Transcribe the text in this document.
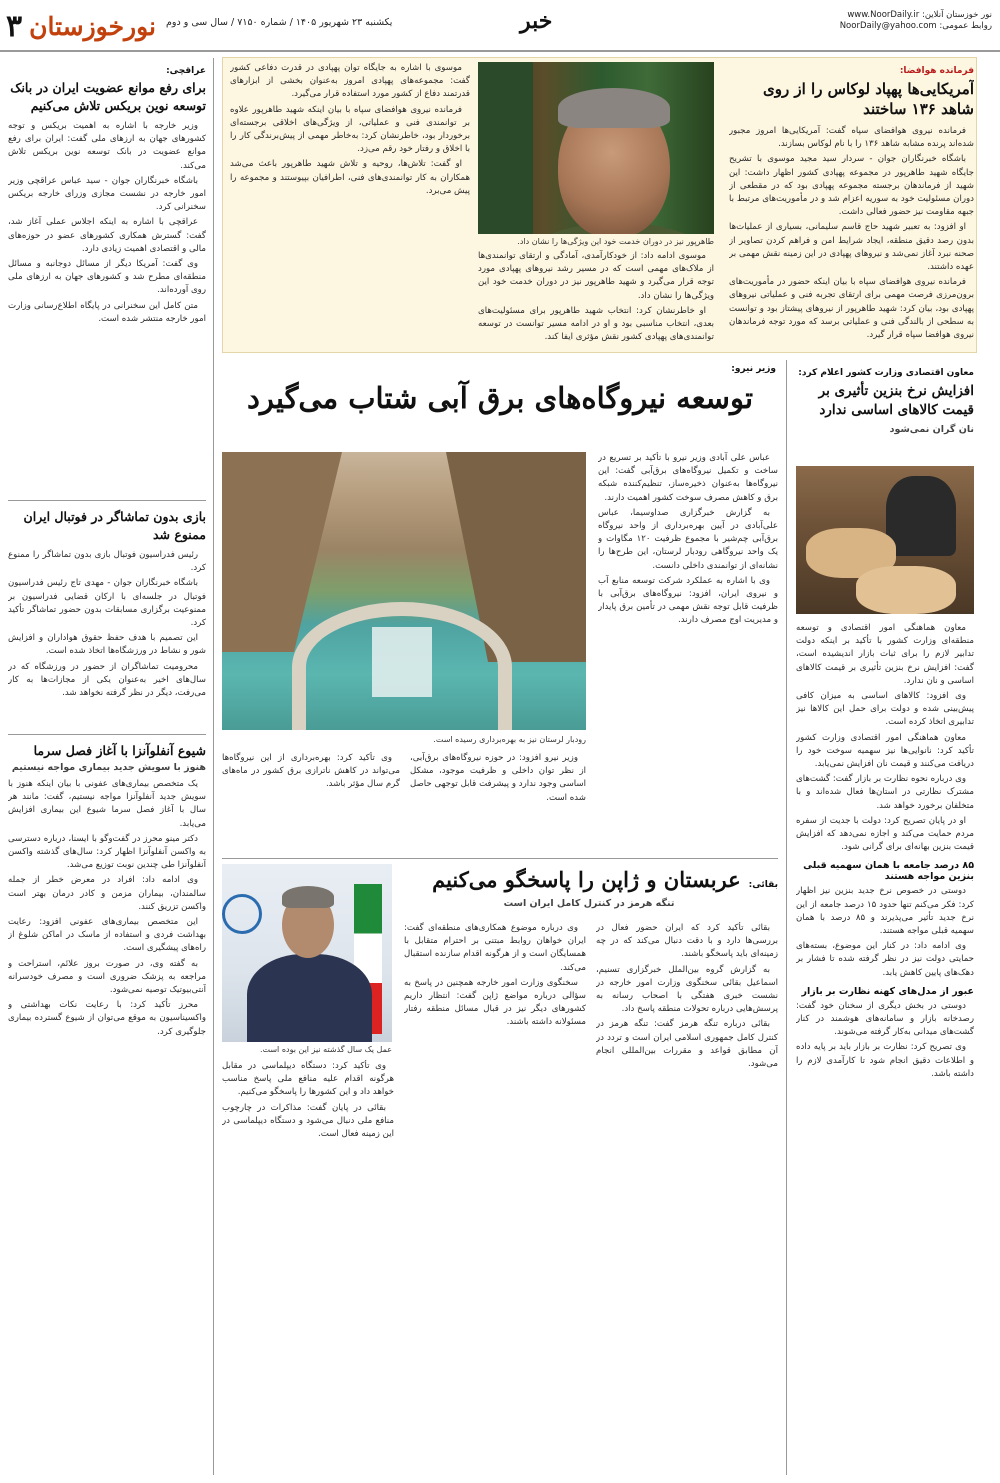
۳ نورخوزستان یکشنبه ۲۳ شهریور ۱۴۰۵ / شماره ۷۱۵۰ / سال سی و دوم	خبر	نور خوزستان آنلاین: www.NoorDaily.ir
روابط عمومی: NoorDaily@yahoo.com
فرمانده هوافضا:
آمریکایی‌ها پهپاد لوکاس را از روی شاهد ۱۳۶ ساختند

فرمانده نیروی هوافضای سپاه گفت: آمریکایی‌ها امروز مجبور شده‌اند پرنده مشابه شاهد ۱۳۶ را با نام لوکاس بسازند.

باشگاه خبرنگاران جوان - سردار سید مجید موسوی با تشریح جایگاه شهید طاهرپور در مجموعه پهپادی کشور اظهار داشت: این شهید از فرماندهان برجسته مجموعه پهپادی بود که در مقطعی از دوران مسئولیت خود به سوریه اعزام شد و در مأموریت‌های مرتبط با جبهه مقاومت نیز حضور فعالی داشت.

او افزود: به تعبیر شهید حاج قاسم سلیمانی، بسیاری از عملیات‌ها بدون رصد دقیق منطقه، ایجاد شرایط امن و فراهم کردن تصاویر از صحنه نبرد آغاز نمی‌شد و نیروهای پهپادی در این زمینه نقش مهمی بر عهده داشتند.

فرمانده نیروی هوافضای سپاه با بیان اینکه حضور در مأموریت‌های برون‌مرزی فرصت مهمی برای ارتقای تجربه فنی و عملیاتی نیروهای پهپادی بود، بیان کرد: شهید طاهرپور از نیروهای پیشتاز بود و توانست به سطحی از بالندگی فنی و عملیاتی برسد که مورد توجه فرماندهان نیروی هوافضا سپاه قرار گیرد.

طاهرپور نیز در دوران خدمت خود این ویژگی‌ها را نشان داد.

موسوی ادامه داد: از خودکارآمدی، آمادگی و ارتقای توانمندی‌ها از ملاک‌های مهمی است که در مسیر رشد نیروهای پهپادی مورد توجه قرار می‌گیرد و شهید طاهرپور نیز در دوران خدمت خود این ویژگی‌ها را نشان داد.

او خاطرنشان کرد: انتخاب شهید طاهرپور برای مسئولیت‌های بعدی، انتخاب مناسبی بود و او در ادامه مسیر توانست در توسعه توانمندی‌های پهپادی کشور نقش مؤثری ایفا کند.

موسوی با اشاره به جایگاه توان پهپادی در قدرت دفاعی کشور گفت: مجموعه‌های پهپادی امروز به‌عنوان بخشی از ابزارهای قدرتمند دفاع از کشور مورد استفاده قرار می‌گیرد.

فرمانده نیروی هوافضای سپاه با بیان اینکه شهید طاهرپور علاوه بر توانمندی فنی و عملیاتی، از ویژگی‌های اخلاقی برجسته‌ای برخوردار بود، خاطرنشان کرد: به‌خاطر مهمی از پیش‌برندگی کار را با اخلاق و رفتار خود رقم می‌زد.

او گفت: تلاش‌ها، روحیه و تلاش شهید طاهرپور باعث می‌شد همکاران به کار توانمندی‌های فنی، اطرافیان بپیوستند و مجموعه را پیش می‌برد.

معاون اقتصادی وزارت کشور اعلام کرد:
افزایش نرخ بنزین تأثیری بر قیمت کالاهای اساسی ندارد
نان گران نمی‌شود

معاون هماهنگی امور اقتصادی و توسعه منطقه‌ای وزارت کشور با تأکید بر اینکه دولت تدابیر لازم را برای ثبات بازار اندیشیده است، گفت: افزایش نرخ بنزین تأثیری بر قیمت کالاهای اساسی و نان ندارد.

وی افزود: کالاهای اساسی به میزان کافی پیش‌بینی شده و دولت برای حمل این کالاها نیز تدابیری اتخاذ کرده است.

معاون هماهنگی امور اقتصادی وزارت کشور تأکید کرد: نانوایی‌ها نیز سهمیه سوخت خود را دریافت می‌کنند و قیمت نان افزایش نمی‌یابد.

وی درباره نحوه نظارت بر بازار گفت: گشت‌های مشترک نظارتی در استان‌ها فعال شده‌اند و با متخلفان برخورد خواهد شد.

او در پایان تصریح کرد: دولت با جدیت از سفره مردم حمایت می‌کند و اجازه نمی‌دهد که افزایش قیمت بنزین بهانه‌ای برای گرانی شود.

۸۵ درصد جامعه با همان سهمیه قبلی بنزین مواجه هستند

دوستی در خصوص نرخ جدید بنزین نیز اظهار کرد: فکر می‌کنم تنها حدود ۱۵ درصد جامعه از این نرخ جدید تأثیر می‌پذیرند و ۸۵ درصد با همان سهمیه قبلی مواجه هستند.

وی ادامه داد: در کنار این موضوع، بسته‌های حمایتی دولت نیز در نظر گرفته شده تا فشار بر دهک‌های پایین کاهش یابد.

عبور از مدل‌های کهنه نظارت بر بازار

دوستی در بخش دیگری از سخنان خود گفت: رصدخانه بازار و سامانه‌های هوشمند در کنار گشت‌های میدانی به‌کار گرفته می‌شوند.

وی تصریح کرد: نظارت بر بازار باید بر پایه داده و اطلاعات دقیق انجام شود تا کارآمدی لازم را داشته باشد.

وزیر نیرو:
توسعه نیروگاه‌های برق آبی شتاب می‌گیرد
رودبار لرستان نیز به بهره‌برداری رسیده است.

عباس علی آبادی وزیر نیرو با تأکید بر تسریع در ساخت و تکمیل نیروگاه‌های برق‌آبی گفت: این نیروگاه‌ها به‌عنوان ذخیره‌ساز، تنظیم‌کننده شبکه برق و کاهش مصرف سوخت کشور اهمیت دارند.

به گزارش خبرگزاری صداوسیما، عباس علی‌آبادی در آیین بهره‌برداری از واحد نیروگاه برق‌آبی چم‌شیر با مجموع ظرفیت ۱۲۰ مگاوات و یک واحد نیروگاهی رودبار لرستان، این طرح‌ها را نشانه‌ای از توانمندی داخلی دانست.

وی با اشاره به عملکرد شرکت توسعه منابع آب و نیروی ایران، افزود: نیروگاه‌های برق‌آبی با ظرفیت قابل توجه نقش مهمی در تأمین برق پایدار و مدیریت اوج مصرف دارند.

وزیر نیرو افزود: در حوزه نیروگاه‌های برق‌آبی، از نظر توان داخلی و ظرفیت موجود، مشکل اساسی وجود ندارد و پیشرفت قابل توجهی حاصل شده است.

وی تأکید کرد: بهره‌برداری از این نیروگاه‌ها می‌تواند در کاهش ناترازی برق کشور در ماه‌های گرم سال مؤثر باشد.

بقائی:
عربستان و ژاپن را پاسخگو می‌کنیم
تنگه هرمز در کنترل کامل ایران است
عمل یک سال گذشته نیز این بوده است.

بقائی تأکید کرد که ایران حضور فعال در بررسی‌ها دارد و با دقت دنبال می‌کند که در چه زمینه‌ای باید پاسخگو باشند.

به گزارش گروه بین‌الملل خبرگزاری تسنیم، اسماعیل بقائی سخنگوی وزارت امور خارجه در نشست خبری هفتگی با اصحاب رسانه به پرسش‌هایی درباره تحولات منطقه پاسخ داد.

بقائی درباره تنگه هرمز گفت: تنگه هرمز در کنترل کامل جمهوری اسلامی ایران است و تردد در آن مطابق قواعد و مقررات بین‌المللی انجام می‌شود.

وی درباره موضوع همکاری‌های منطقه‌ای گفت: ایران خواهان روابط مبتنی بر احترام متقابل با همسایگان است و از هرگونه اقدام سازنده استقبال می‌کند.

سخنگوی وزارت امور خارجه همچنین در پاسخ به سؤالی درباره مواضع ژاپن گفت: انتظار داریم کشورهای دیگر نیز در قبال مسائل منطقه رفتار مسئولانه داشته باشند.

وی تأکید کرد: دستگاه دیپلماسی در مقابل هرگونه اقدام علیه منافع ملی پاسخ مناسب خواهد داد و این کشورها را پاسخگو می‌کنیم.

بقائی در پایان گفت: مذاکرات در چارچوب منافع ملی دنبال می‌شود و دستگاه دیپلماسی در این زمینه فعال است.

عراقچی:
برای رفع موانع عضویت ایران در بانک توسعه نوین بریکس تلاش می‌کنیم

وزیر خارجه با اشاره به اهمیت بریکس و توجه کشورهای جهان به ارزهای ملی گفت: ایران برای رفع موانع عضویت در بانک توسعه نوین بریکس تلاش می‌کند.

باشگاه خبرنگاران جوان - سید عباس عراقچی وزیر امور خارجه در نشست مجازی وزرای خارجه بریکس سخنرانی کرد.

عراقچی با اشاره به اینکه اجلاس عملی آغاز شد، گفت: گسترش همکاری کشورهای عضو در حوزه‌های مالی و اقتصادی اهمیت زیادی دارد.

وی گفت: آمریکا دیگر از مسائل دوجانبه و مسائل منطقه‌ای مطرح شد و کشورهای جهان به ارزهای ملی روی آورده‌اند.

متن کامل این سخنرانی در پایگاه اطلاع‌رسانی وزارت امور خارجه منتشر شده است.

بازی بدون تماشاگر در فوتبال ایران ممنوع شد

رئیس فدراسیون فوتبال بازی بدون تماشاگر را ممنوع کرد.

باشگاه خبرنگاران جوان - مهدی تاج رئیس فدراسیون فوتبال در جلسه‌ای با ارکان قضایی فدراسیون بر ممنوعیت برگزاری مسابقات بدون حضور تماشاگر تأکید کرد.

این تصمیم با هدف حفظ حقوق هواداران و افزایش شور و نشاط در ورزشگاه‌ها اتخاذ شده است.

محرومیت تماشاگران از حضور در ورزشگاه که در سال‌های اخیر به‌عنوان یکی از مجازات‌ها به کار می‌رفت، دیگر در نظر گرفته نخواهد شد.

شیوع آنفلوآنزا با آغاز فصل سرما
هنوز با سویش جدید بیماری مواجه نیستیم

یک متخصص بیماری‌های عفونی با بیان اینکه هنوز با سویش جدید آنفلوآنزا مواجه نیستیم، گفت: مانند هر سال با آغاز فصل سرما شیوع این بیماری افزایش می‌یابد.

دکتر مینو محرز در گفت‌وگو با ایسنا، درباره دسترسی به واکسن آنفلوآنزا اظهار کرد: سال‌های گذشته واکسن آنفلوآنزا طی چندین نوبت توزیع می‌شد.

وی ادامه داد: افراد در معرض خطر از جمله سالمندان، بیماران مزمن و کادر درمان بهتر است واکسن تزریق کنند.

این متخصص بیماری‌های عفونی افزود: رعایت بهداشت فردی و استفاده از ماسک در اماکن شلوغ از راه‌های پیشگیری است.

به گفته وی، در صورت بروز علائم، استراحت و مراجعه به پزشک ضروری است و مصرف خودسرانه آنتی‌بیوتیک توصیه نمی‌شود.

محرز تأکید کرد: با رعایت نکات بهداشتی و واکسیناسیون به موقع می‌توان از شیوع گسترده بیماری جلوگیری کرد.
